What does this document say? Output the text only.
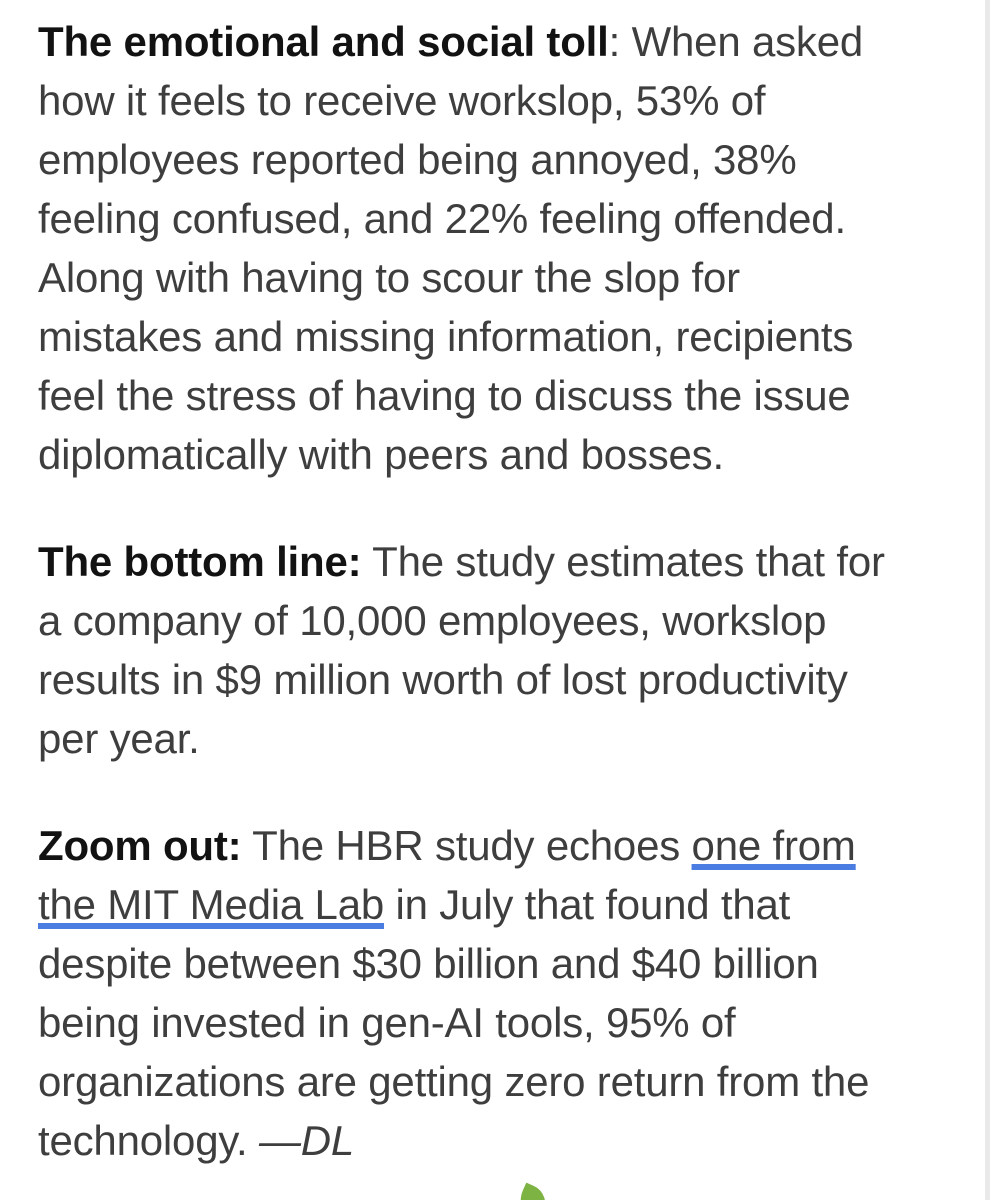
The emotional and social toll: When asked
how it feels to receive workslop, 53% of
employees reported being annoyed, 38%
feeling confused, and 22% feeling offended.
Along with having to scour the slop for
mistakes and missing information, recipients
feel the stress of having to discuss the issue
diplomatically with peers and bosses.
The bottom line: The study estimates that for
a company of 10,000 employees, workslop
results in $9 million worth of lost productivity
per year.
Zoom out: The HBR study echoes one from
the MIT Media Lab in July that found that
despite between $30 billion and $40 billion
being invested in gen-AI tools, 95% of
organizations are getting zero return from the
technology. —DL
